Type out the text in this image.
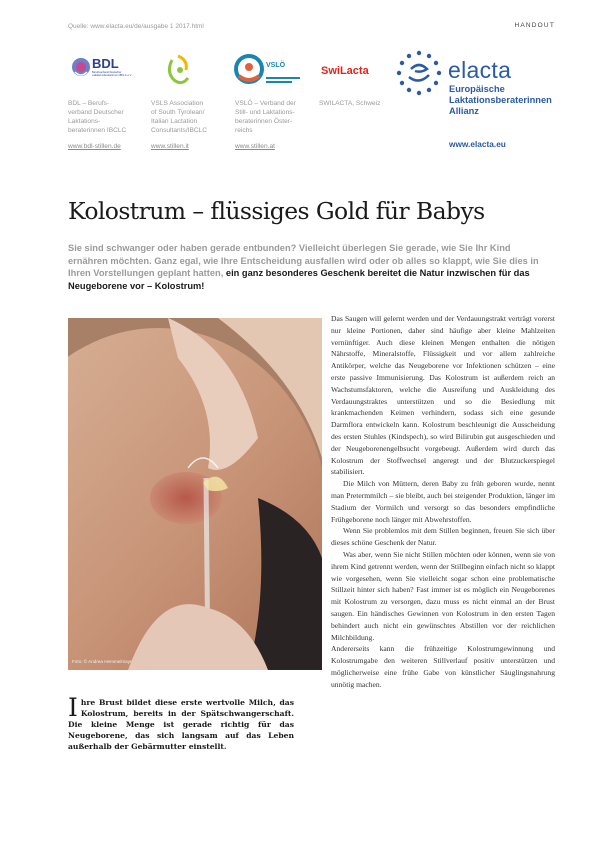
Quelle: www.elacta.eu/de/ausgabe 1 2017.html	HANDOUT
BDL
Berufsverband Deutscher Laktationsberaterinnen IBCLC e.V.
BDL – Berufs-
verband Deutscher
Laktations-
beraterinnen IBCLC
www.bdl-stillen.de
VSLS Association
of South Tyrolean/
Italian Lactation
Consultants/IBCLC
www.stillen.it
VSLÖ
VSLÖ – Verband der
Still- und Laktations-
beraterinnen Öster-
reichs
www.stillen.at
SwiLacta
SWILACTA, Schweiz
elacta
Europäische
Laktationsberaterinnen
Allianz
www.elacta.eu
Kolostrum – flüssiges Gold für Babys
Sie sind schwanger oder haben gerade entbunden? Vielleicht überlegen Sie gerade, wie Sie Ihr Kind ernähren möchten. Ganz egal, wie Ihre Entscheidung ausfallen wird oder ob alles so klappt, wie Sie dies in Ihren Vorstellungen geplant hatten, ein ganz besonderes Geschenk bereitet die Natur inzwischen für das Neugeborene vor – Kolostrum!
Foto: © Andrea Hemmelmayr
Ihre Brust bildet diese erste wertvolle Milch, das Kolostrum, bereits in der Spätschwangerschaft. Die kleine Menge ist gerade richtig für das Neugeborene, das sich langsam auf das Leben außerhalb der Gebärmutter einstellt.

Das Saugen will gelernt werden und der Verdauungstrakt verträgt vorerst nur kleine Portionen, daher sind häufige aber kleine Mahlzeiten vernünftiger. Auch diese kleinen Mengen enthalten die nötigen Nährstoffe, Mineralstoffe, Flüssigkeit und vor allem zahlreiche Antikörper, welche das Neugeborene vor Infektionen schützen – eine erste passive Immunisierung. Das Kolostrum ist außerdem reich an Wachstumsfaktoren, welche die Ausreifung und Auskleidung des Verdauungstraktes unterstützen und so die Besiedlung mit krankmachenden Keimen verhindern, sodass sich eine gesunde Darmflora entwickeln kann. Kolostrum beschleunigt die Ausscheidung des ersten Stuhles (Kindspech), so wird Bilirubin gut ausgeschieden und der Neugeborenengelbsucht vorgebeugt. Außerdem wird durch das Kolostrum der Stoffwechsel angeregt und der Blutzuckerspiegel stabilisiert.

Die Milch von Müttern, deren Baby zu früh geboren wurde, nennt man Pretermmilch – sie bleibt, auch bei steigender Produktion, länger im Stadium der Vormilch und versorgt so das besonders empfindliche Frühgeborene noch länger mit Abwehrstoffen.

Wenn Sie problemlos mit dem Stillen beginnen, freuen Sie sich über dieses schöne Geschenk der Natur.

Was aber, wenn Sie nicht Stillen möchten oder können, wenn sie von ihrem Kind getrennt werden, wenn der Stillbeginn einfach nicht so klappt wie vorgesehen, wenn Sie vielleicht sogar schon eine problematische Stillzeit hinter sich haben? Fast immer ist es möglich ein Neugeborenes mit Kolostrum zu versorgen, dazu muss es nicht einmal an der Brust saugen. Ein händisches Gewinnen von Kolostrum in den ersten Tagen behindert auch nicht ein gewünschtes Abstillen vor der reichlichen Milchbildung.

Andererseits kann die frühzeitige Kolostrumgewinnung und Kolostrumgabe den weiteren Stillverlauf positiv unterstützen und möglicherweise eine frühe Gabe von künstlicher Säuglingsnahrung unnötig machen.
